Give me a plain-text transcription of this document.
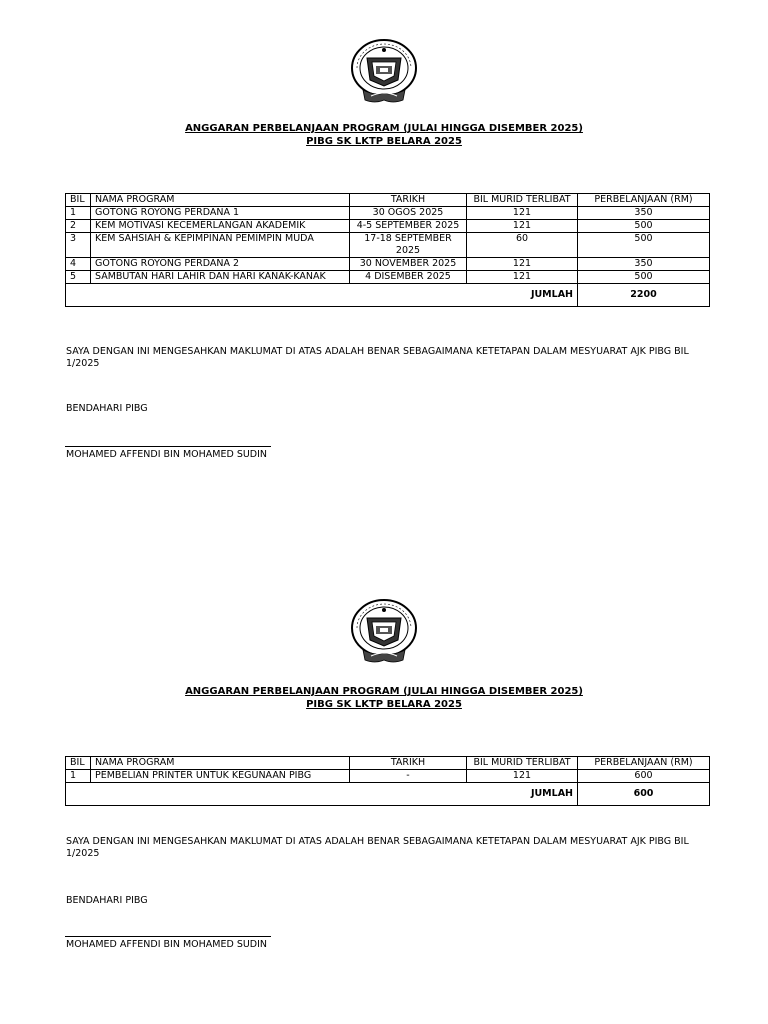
ANGGARAN PERBELANJAAN PROGRAM (JULAI HINGGA DISEMBER 2025)

PIBG SK LKTP BELARA 2025

BIL	NAMA PROGRAM	TARIKH	BIL MURID TERLIBAT	PERBELANJAAN (RM)
1	GOTONG ROYONG PERDANA 1	30 OGOS 2025	121	350
2	KEM MOTIVASI KECEMERLANGAN AKADEMIK	4-5 SEPTEMBER 2025	121	500
3	KEM SAHSIAH & KEPIMPINAN PEMIMPIN MUDA	17-18 SEPTEMBER 2025	60	500
4	GOTONG ROYONG PERDANA 2	30 NOVEMBER 2025	121	350
5	SAMBUTAN HARI LAHIR DAN HARI KANAK-KANAK	4 DISEMBER 2025	121	500
JUMLAH				2200
SAYA DENGAN INI MENGESAHKAN MAKLUMAT DI ATAS ADALAH BENAR SEBAGAIMANA KETETAPAN DALAM MESYUARAT AJK PIBG BIL 1/2025
BENDAHARI PIBG
MOHAMED AFFENDI BIN MOHAMED SUDIN

ANGGARAN PERBELANJAAN PROGRAM (JULAI HINGGA DISEMBER 2025)

PIBG SK LKTP BELARA 2025

BIL	NAMA PROGRAM	TARIKH	BIL MURID TERLIBAT	PERBELANJAAN (RM)
1	PEMBELIAN PRINTER UNTUK KEGUNAAN PIBG	-	121	600
JUMLAH				600
SAYA DENGAN INI MENGESAHKAN MAKLUMAT DI ATAS ADALAH BENAR SEBAGAIMANA KETETAPAN DALAM MESYUARAT AJK PIBG BIL 1/2025
BENDAHARI PIBG
MOHAMED AFFENDI BIN MOHAMED SUDIN
